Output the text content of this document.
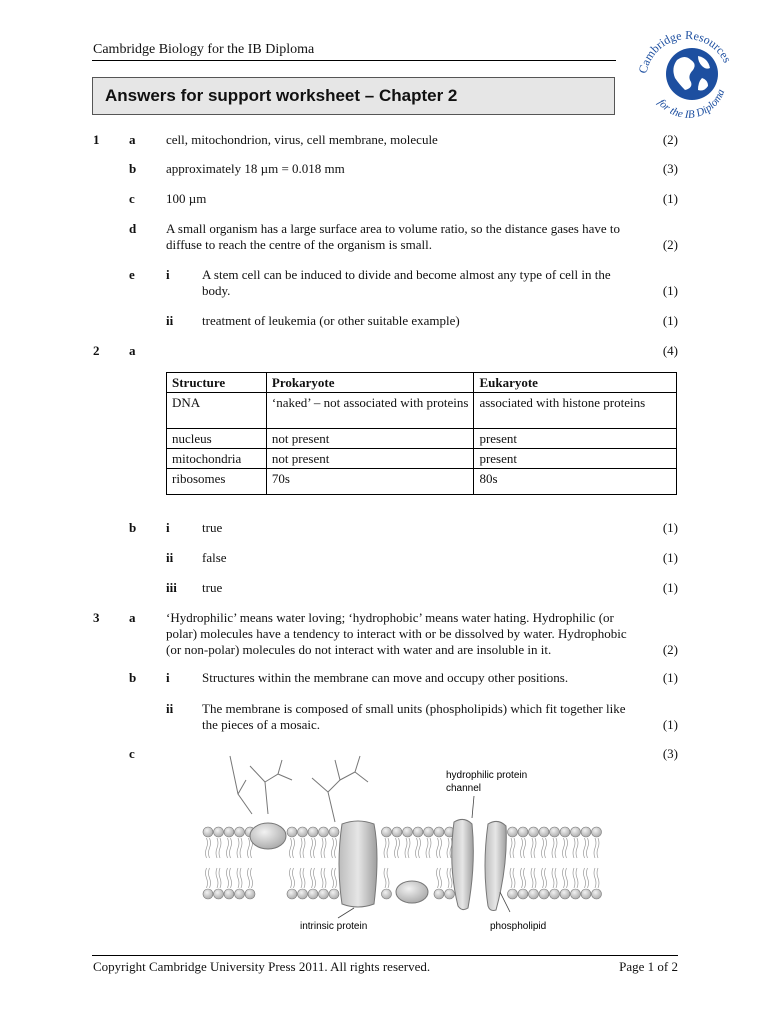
Cambridge Biology for the IB Diploma
Answers for support worksheet – Chapter 2
Cambridge Resources
for the IB Diploma
1 a cell, mitochondrion, virus, cell membrane, molecule	(2)
b approximately 18 µm = 0.018 mm	(3)
c 100 µm	(1)
d A small organism has a large surface area to volume ratio, so the distance gases have to
diffuse to reach the centre of the organism is small.	(2)
e i A stem cell can be induced to divide and become almost any type of cell in the
body.	(1)
ii treatment of leukemia (or other suitable example)	(1)
2 a	(4)
Structure	Prokaryote	Eukaryote
DNA	‘naked’ – not associated with proteins	associated with histone proteins
nucleus	not present	present
mitochondria	not present	present
ribosomes	70s	80s
b i true	(1)
ii false	(1)
iii true	(1)
3 a ‘Hydrophilic’ means water loving; ‘hydrophobic’ means water hating. Hydrophilic (or
polar) molecules have a tendency to interact with or be dissolved by water. Hydrophobic
(or non-polar) molecules do not interact with water and are insoluble in it.	(2)
b i Structures within the membrane can move and occupy other positions.	(1)
ii The membrane is composed of small units (phospholipids) which fit together like
the pieces of a mosaic.	(1)
c	(3)
hydrophilic protein
channel
intrinsic protein	phospholipid
Copyright Cambridge University Press 2011. All rights reserved.	Page 1 of 2
